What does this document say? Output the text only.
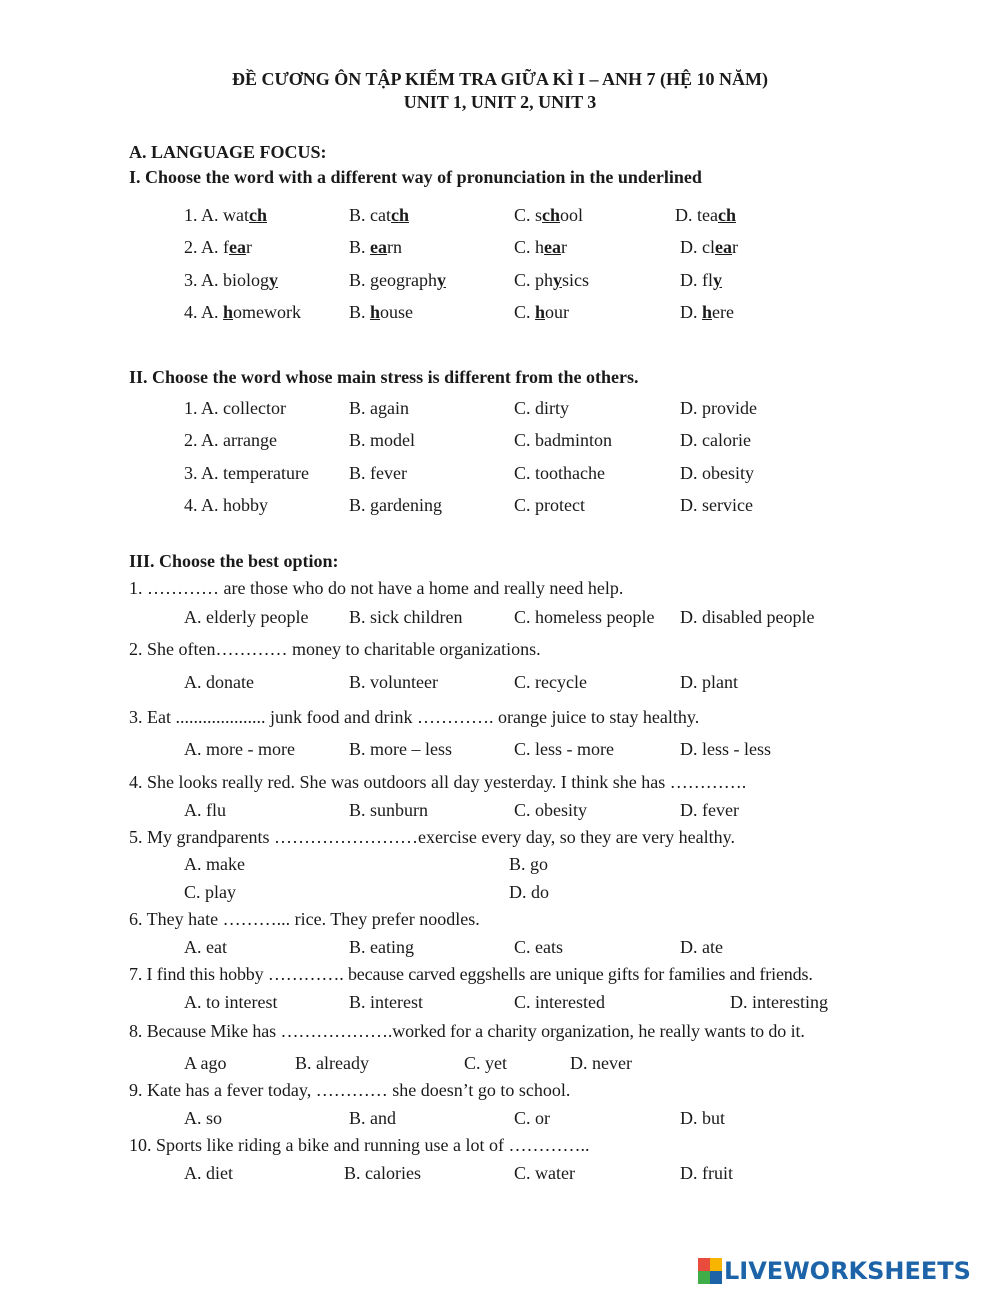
ĐỀ CƯƠNG ÔN TẬP KIỂM TRA GIỮA KÌ I – ANH 7 (HỆ 10 NĂM)
UNIT 1, UNIT 2, UNIT 3
A. LANGUAGE FOCUS:
I. Choose the word with a different way of pronunciation in the underlined
1. A. watch	B. catch	C. school	D. teach
2. A. fear	B. earn	C. hear	D. clear
3. A. biology	B. geography	C. physics	D. fly
4. A. homework	B. house	C. hour	D. here
II. Choose the word whose main stress is different from the others.
1. A. collector	B. again	C. dirty	D. provide
2. A. arrange	B. model	C. badminton	D. calorie
3. A. temperature B. fever	C. toothache	D. obesity
4. A. hobby	B. gardening	C. protect	D. service
III. Choose the best option:
1. ………… are those who do not have a home and really need help.
A. elderly people B. sick children	C. homeless people D. disabled people
2. She often………… money to charitable organizations.
A. donate	B. volunteer	C. recycle	D. plant
3. Eat .................... junk food and drink …………. orange juice to stay healthy.
A. more - more	B. more – less	C. less - more	D. less - less
4. She looks really red. She was outdoors all day yesterday. I think she has ………….
A. flu	B. sunburn	C. obesity	D. fever
5. My grandparents ……………………exercise every day, so they are very healthy.
A. make	B. go
C. play	D. do
6. They hate ………... rice. They prefer noodles.
A. eat	B. eating	C. eats	D. ate
7. I find this hobby …………. because carved eggshells are unique gifts for families and friends.
A. to interest	B. interest	C. interested	D. interesting
8. Because Mike has ……………….worked for a charity organization, he really wants to do it.
A ago	B. already	C. yet	D. never
9. Kate has a fever today, ………… she doesn’t go to school.
A. so	B. and	C. or	D. but
10. Sports like riding a bike and running use a lot of …………..
A. diet	B. calories	C. water	D. fruit
LIVEWORKSHEETS
